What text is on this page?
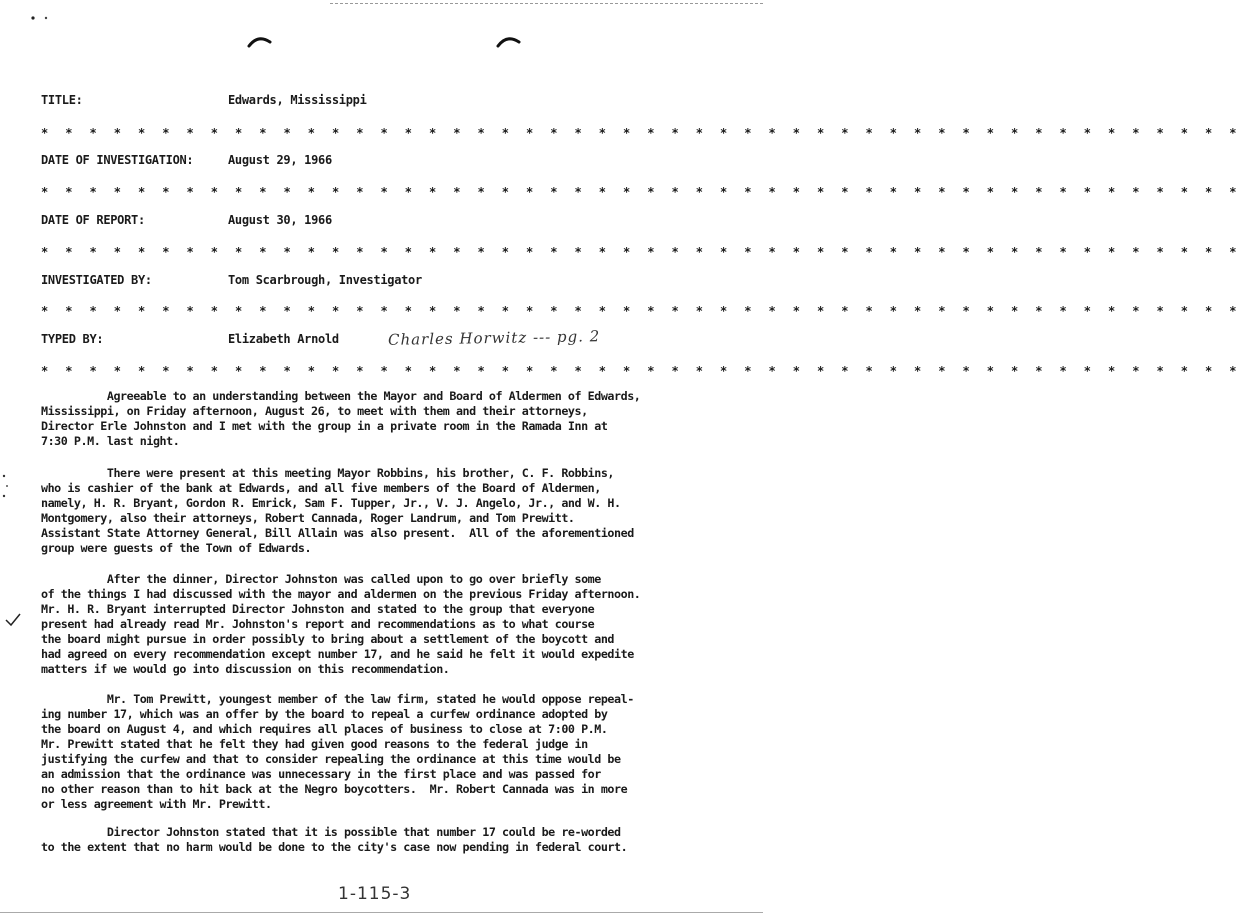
TITLE:	Edwards, Mississippi
* * * * * * * * * * * * * * * * * * * * * * * * * * * * * * * * * * * * * * * * * * * * * * * * * *
DATE OF INVESTIGATION:	August 29, 1966
* * * * * * * * * * * * * * * * * * * * * * * * * * * * * * * * * * * * * * * * * * * * * * * * * *
DATE OF REPORT:	August 30, 1966
* * * * * * * * * * * * * * * * * * * * * * * * * * * * * * * * * * * * * * * * * * * * * * * * * *
INVESTIGATED BY:	Tom Scarbrough, Investigator
* * * * * * * * * * * * * * * * * * * * * * * * * * * * * * * * * * * * * * * * * * * * * * * * * *
TYPED BY:	Elizabeth Arnold	Charles Horwitz --- pg. 2
* * * * * * * * * * * * * * * * * * * * * * * * * * * * * * * * * * * * * * * * * * * * * * * * * *
Agreeable to an understanding between the Mayor and Board of Aldermen of Edwards,
Mississippi, on Friday afternoon, August 26, to meet with them and their attorneys,
Director Erle Johnston and I met with the group in a private room in the Ramada Inn at
7:30 P.M. last night.
There were present at this meeting Mayor Robbins, his brother, C. F. Robbins,
who is cashier of the bank at Edwards, and all five members of the Board of Aldermen,
namely, H. R. Bryant, Gordon R. Emrick, Sam F. Tupper, Jr., V. J. Angelo, Jr., and W. H.
Montgomery, also their attorneys, Robert Cannada, Roger Landrum, and Tom Prewitt.
Assistant State Attorney General, Bill Allain was also present.  All of the aforementioned
group were guests of the Town of Edwards.
After the dinner, Director Johnston was called upon to go over briefly some
of the things I had discussed with the mayor and aldermen on the previous Friday afternoon.
Mr. H. R. Bryant interrupted Director Johnston and stated to the group that everyone
present had already read Mr. Johnston's report and recommendations as to what course
the board might pursue in order possibly to bring about a settlement of the boycott and
had agreed on every recommendation except number 17, and he said he felt it would expedite
matters if we would go into discussion on this recommendation.
Mr. Tom Prewitt, youngest member of the law firm, stated he would oppose repeal-
ing number 17, which was an offer by the board to repeal a curfew ordinance adopted by
the board on August 4, and which requires all places of business to close at 7:00 P.M.
Mr. Prewitt stated that he felt they had given good reasons to the federal judge in
justifying the curfew and that to consider repealing the ordinance at this time would be
an admission that the ordinance was unnecessary in the first place and was passed for
no other reason than to hit back at the Negro boycotters.  Mr. Robert Cannada was in more
or less agreement with Mr. Prewitt.
Director Johnston stated that it is possible that number 17 could be re-worded
to the extent that no harm would be done to the city's case now pending in federal court.
1-115-3
